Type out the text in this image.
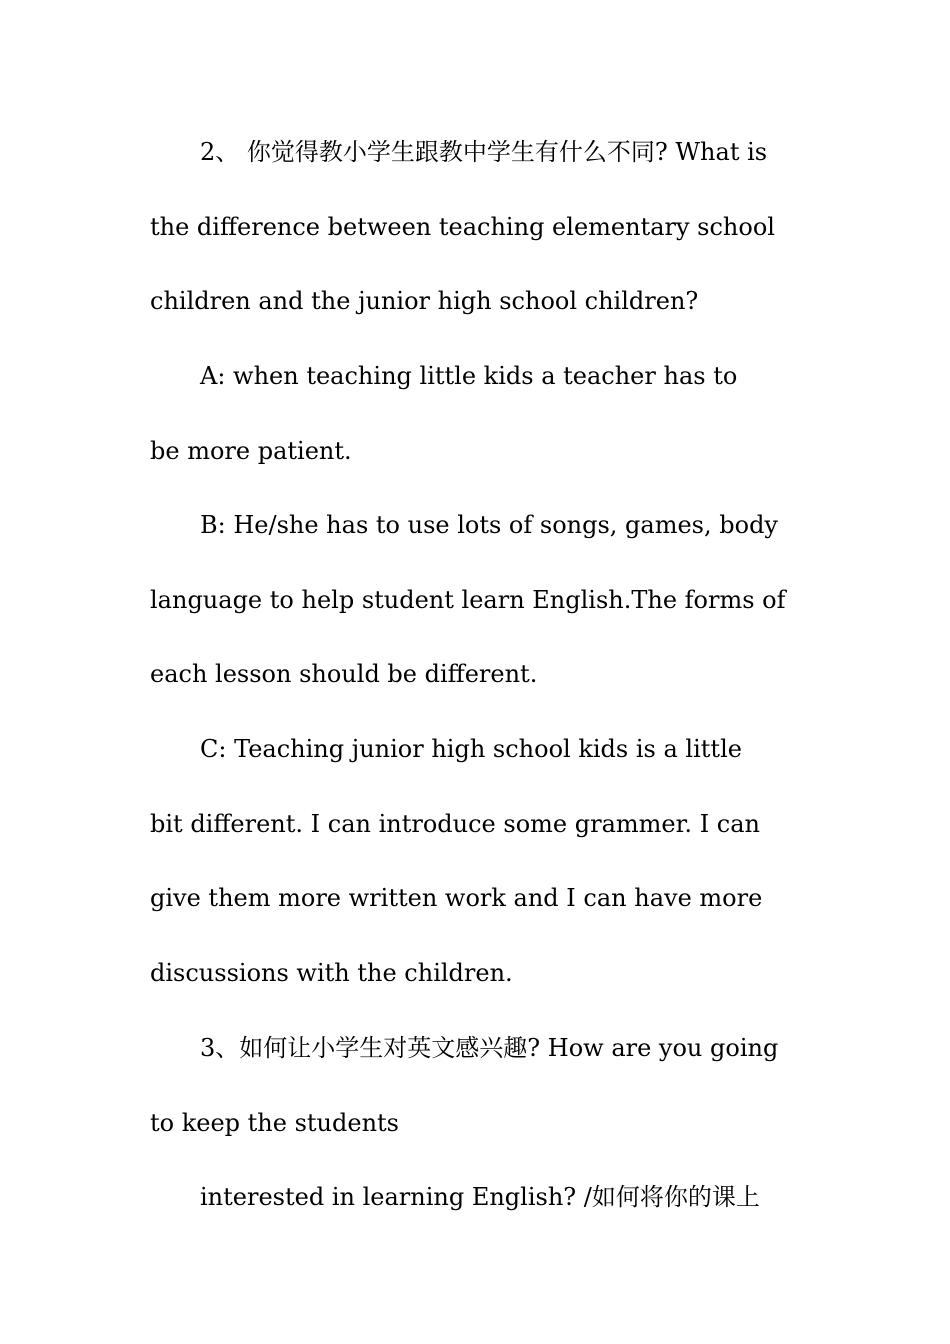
2、 你觉得教小学生跟教中学生有什么不同? What is
the difference between teaching elementary school
children and the junior high school children?
A: when teaching little kids a teacher has to
be more patient.
B: He/she has to use lots of songs, games, body
language to help student learn English.The forms of
each lesson should be different.
C: Teaching junior high school kids is a little
bit different. I can introduce some grammer. I can
give them more written work and I can have more
discussions with the children.
3、如何让小学生对英文感兴趣? How are you going
to keep the students
interested in learning English? /如何将你的课上
